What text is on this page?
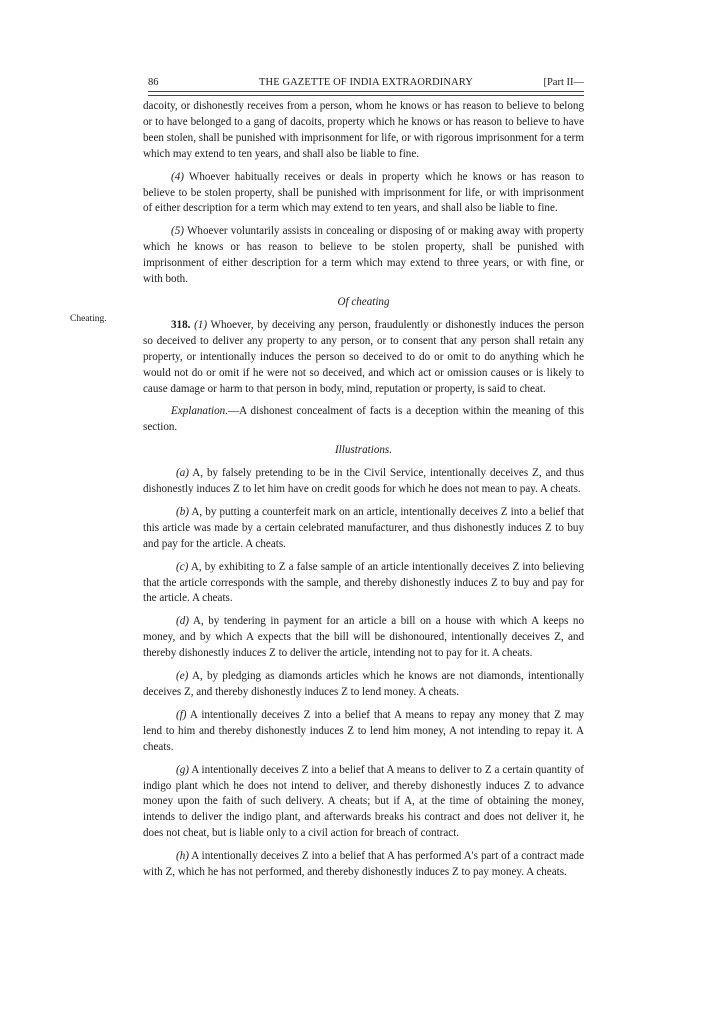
86	THE GAZETTE OF INDIA EXTRAORDINARY	[Part II—
Cheating.

dacoity, or dishonestly receives from a person, whom he knows or has reason to believe to belong or to have belonged to a gang of dacoits, property which he knows or has reason to believe to have been stolen, shall be punished with imprisonment for life, or with rigorous imprisonment for a term which may extend to ten years, and shall also be liable to fine.

(4) Whoever habitually receives or deals in property which he knows or has reason to believe to be stolen property, shall be punished with imprisonment for life, or with imprisonment of either description for a term which may extend to ten years, and shall also be liable to fine.

(5) Whoever voluntarily assists in concealing or disposing of or making away with property which he knows or has reason to believe to be stolen property, shall be punished with imprisonment of either description for a term which may extend to three years, or with fine, or with both.

Of cheating

318. (1) Whoever, by deceiving any person, fraudulently or dishonestly induces the person so deceived to deliver any property to any person, or to consent that any person shall retain any property, or intentionally induces the person so deceived to do or omit to do anything which he would not do or omit if he were not so deceived, and which act or omission causes or is likely to cause damage or harm to that person in body, mind, reputation or property, is said to cheat.

Explanation.—A dishonest concealment of facts is a deception within the meaning of this section.

Illustrations.

(a) A, by falsely pretending to be in the Civil Service, intentionally deceives Z, and thus dishonestly induces Z to let him have on credit goods for which he does not mean to pay. A cheats.

(b) A, by putting a counterfeit mark on an article, intentionally deceives Z into a belief that this article was made by a certain celebrated manufacturer, and thus dishonestly induces Z to buy and pay for the article. A cheats.

(c) A, by exhibiting to Z a false sample of an article intentionally deceives Z into believing that the article corresponds with the sample, and thereby dishonestly induces Z to buy and pay for the article. A cheats.

(d) A, by tendering in payment for an article a bill on a house with which A keeps no money, and by which A expects that the bill will be dishonoured, intentionally deceives Z, and thereby dishonestly induces Z to deliver the article, intending not to pay for it. A cheats.

(e) A, by pledging as diamonds articles which he knows are not diamonds, intentionally deceives Z, and thereby dishonestly induces Z to lend money. A cheats.

(f) A intentionally deceives Z into a belief that A means to repay any money that Z may lend to him and thereby dishonestly induces Z to lend him money, A not intending to repay it. A cheats.

(g) A intentionally deceives Z into a belief that A means to deliver to Z a certain quantity of indigo plant which he does not intend to deliver, and thereby dishonestly induces Z to advance money upon the faith of such delivery. A cheats; but if A, at the time of obtaining the money, intends to deliver the indigo plant, and afterwards breaks his contract and does not deliver it, he does not cheat, but is liable only to a civil action for breach of contract.

(h) A intentionally deceives Z into a belief that A has performed A's part of a contract made with Z, which he has not performed, and thereby dishonestly induces Z to pay money. A cheats.
